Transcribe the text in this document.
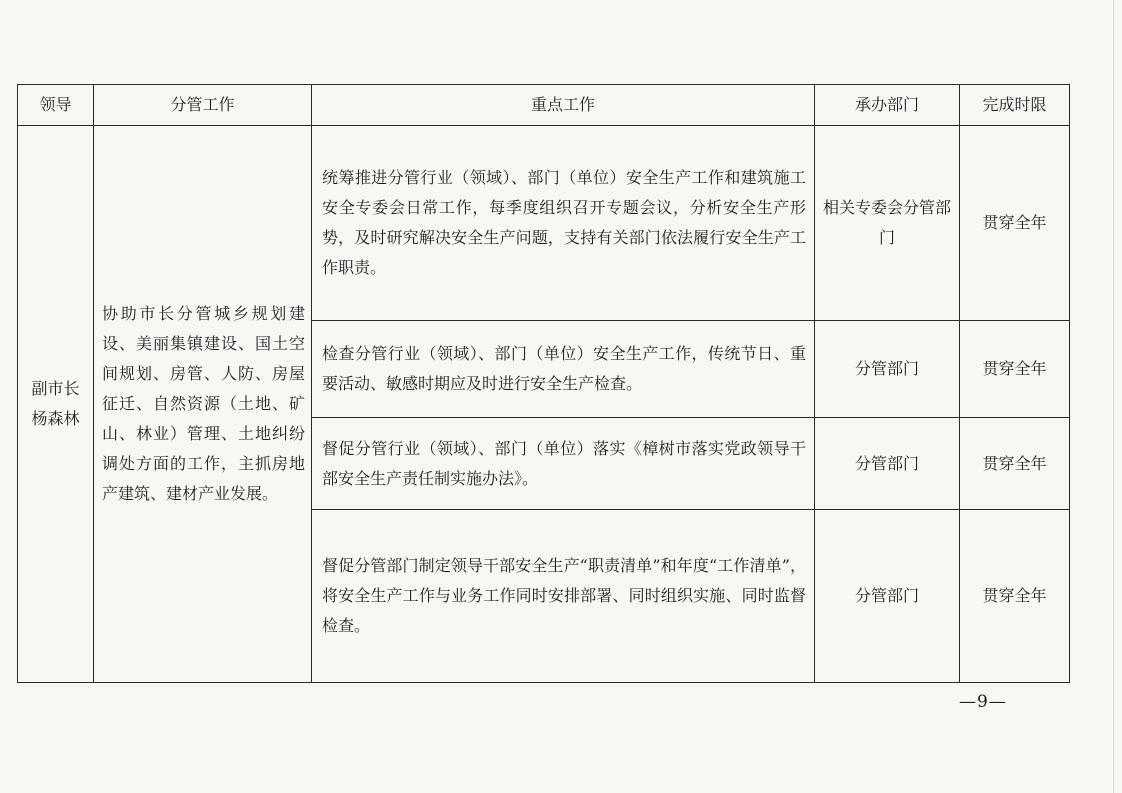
领导	分管工作	重点工作	承办部门	完成时限
副市长杨森林	协助市长分管城乡规划建设、美丽集镇建设、国土空间规划、房管、人防、房屋征迁、自然资源（土地、矿山、林业）管理、土地纠纷调处方面的工作，主抓房地产建筑、建材产业发展。	统筹推进分管行业（领域）、部门（单位）安全生产工作和建筑施工安全专委会日常工作，每季度组织召开专题会议，分析安全生产形势，及时研究解决安全生产问题，支持有关部门依法履行安全生产工作职责。	相关专委会分管部门	贯穿全年
		检查分管行业（领域）、部门（单位）安全生产工作，传统节日、重要活动、敏感时期应及时进行安全生产检查。	分管部门	贯穿全年
		督促分管行业（领域）、部门（单位）落实《樟树市落实党政领导干部安全生产责任制实施办法》。	分管部门	贯穿全年
		督促分管部门制定领导干部安全生产“职责清单”和年度“工作清单”，将安全生产工作与业务工作同时安排部署、同时组织实施、同时监督检查。	分管部门	贯穿全年
—9—
